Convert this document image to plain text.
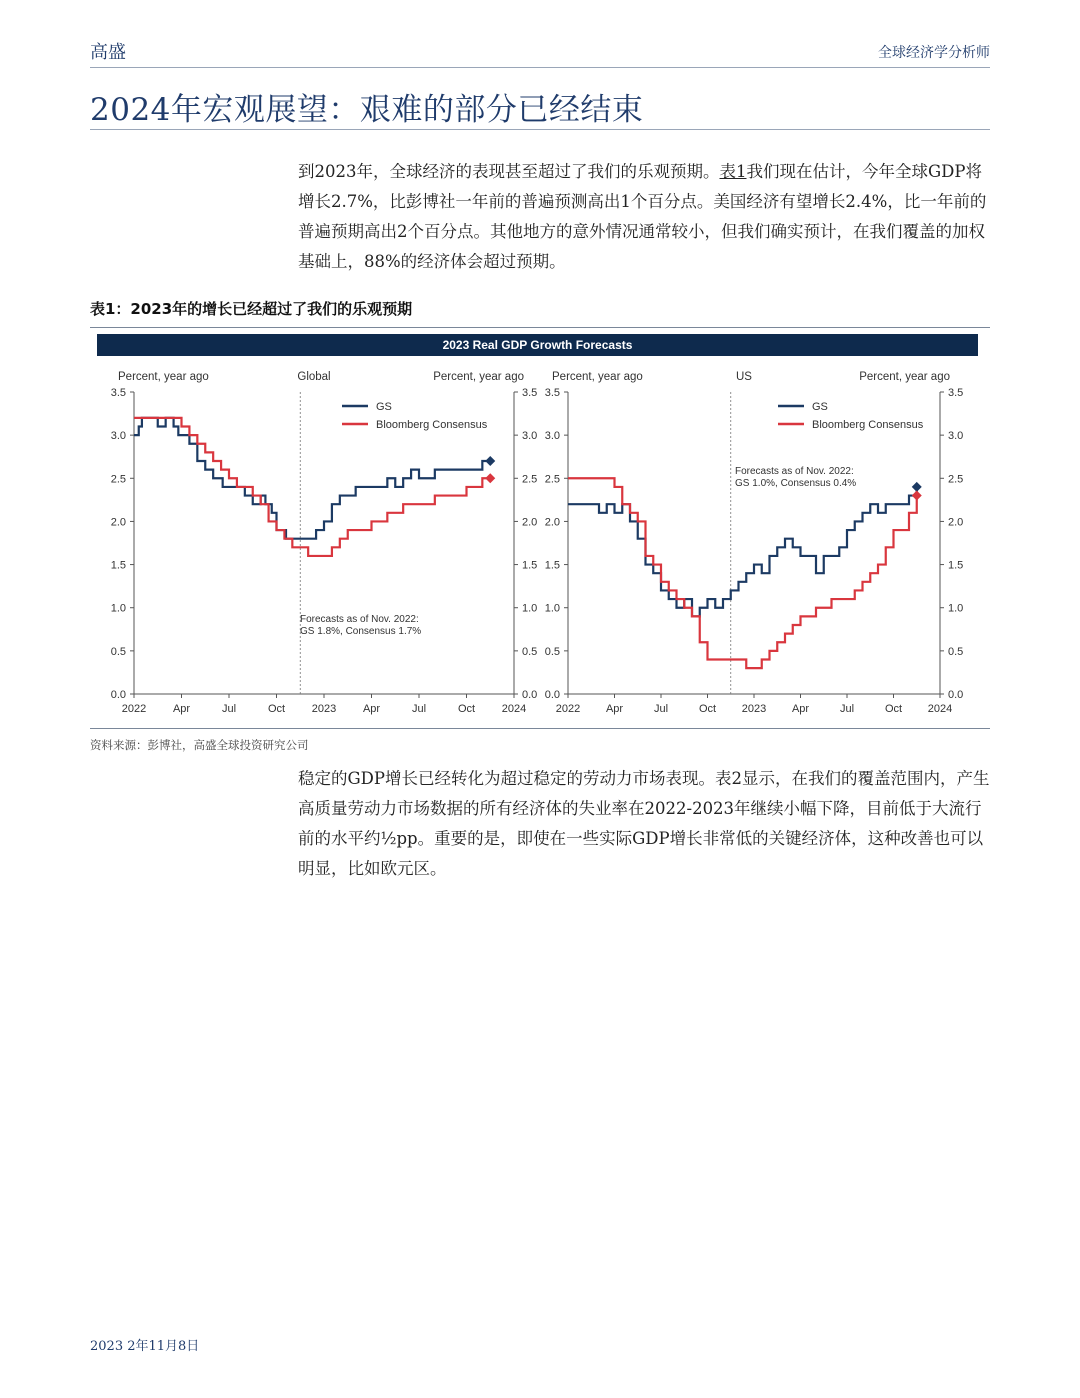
高盛	全球经济学分析师
2024年宏观展望：艰难的部分已经结束

到2023年，全球经济的表现甚至超过了我们的乐观预期。表1我们现在估计，今年全球GDP将增长2.7%，比彭博社一年前的普遍预测高出1个百分点。美国经济有望增长2.4%，比一年前的普遍预期高出2个百分点。其他地方的意外情况通常较小，但我们确实预计，在我们覆盖的加权基础上，88%的经济体会超过预期。

表1：2023年的增长已经超过了我们的乐观预期
2023 Real GDP Growth Forecasts
Percent, year ago	Global	Percent, year ago
0.0	0.0
0.5	0.5
1.0	1.0
1.5	1.5
2.0	2.0
2.5	2.5
3.0	3.0
3.5	3.5
2022 Apr	Jul	Oct 2023 Apr	Jul	Oct 2024
Forecasts as of Nov. 2022:
GS 1.8%, Consensus 1.7%
GS
Bloomberg Consensus
Percent, year ago	US	Percent, year ago
0.0	0.0
0.5	0.5
1.0	1.0
1.5	1.5
2.0	2.0
2.5	2.5
3.0	3.0
3.5	3.5
2022 Apr	Jul	Oct 2023 Apr	Jul	Oct 2024
Forecasts as of Nov. 2022:
GS 1.0%, Consensus 0.4%
GS
Bloomberg Consensus
资料来源：彭博社，高盛全球投资研究公司

稳定的GDP增长已经转化为超过稳定的劳动力市场表现。表2显示，在我们的覆盖范围内，产生高质量劳动力市场数据的所有经济体的失业率在2022-2023年继续小幅下降，目前低于大流行前的水平约½pp。重要的是，即使在一些实际GDP增长非常低的关键经济体，这种改善也可以明显，比如欧元区。

2023 2年11月8日
